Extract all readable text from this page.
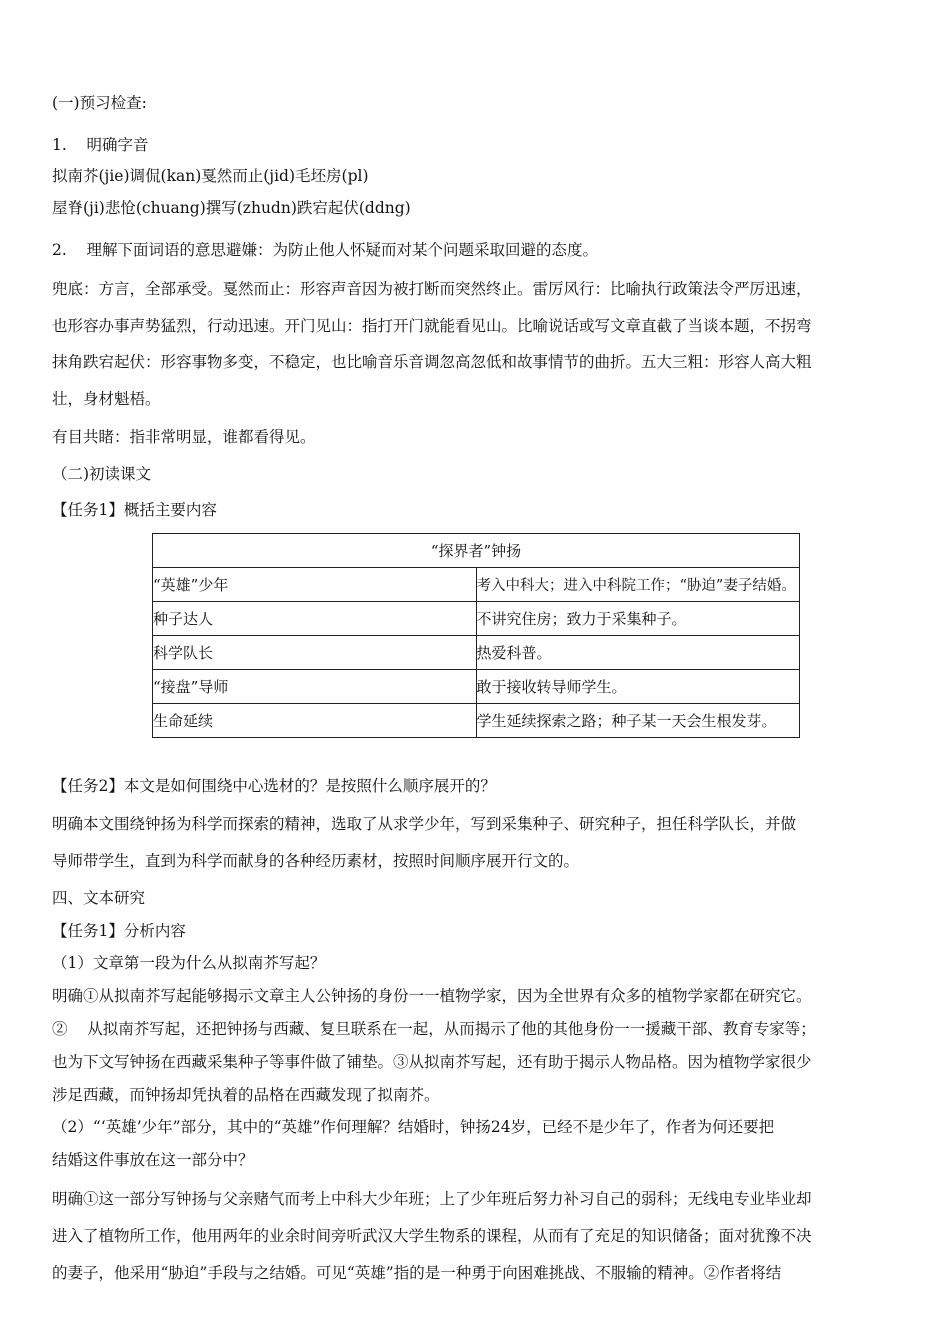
(一)预习检查:
1.    明确字音
拟南芥(jie)调侃(kan)戛然而止(jid)毛坯房(pl)
屋脊(ji)悲怆(chuang)撰写(zhudn)跌宕起伏(ddng)
2.    理解下面词语的意思避嫌：为防止他人怀疑而对某个问题采取回避的态度。
兜底：方言，全部承受。戛然而止：形容声音因为被打断而突然终止。雷厉风行：比喻执行政策法令严厉迅速，
也形容办事声势猛烈，行动迅速。开门见山：指打开门就能看见山。比喻说话或写文章直截了当谈本题，不拐弯
抹角跌宕起伏：形容事物多变，不稳定，也比喻音乐音调忽高忽低和故事情节的曲折。五大三粗：形容人高大粗
壮，身材魁梧。
有目共睹：指非常明显，谁都看得见。
（二)初读课文
【任务1】概括主要内容
“探界者”钟扬	
“英雄”少年	考入中科大；进入中科院工作；“胁迫”妻子结婚。
种子达人	不讲究住房；致力于采集种子。
科学队长	热爱科普。
“接盘”导师	敢于接收转导师学生。
生命延续	学生延续探索之路；种子某一天会生根发芽。
【任务2】本文是如何围绕中心选材的？是按照什么顺序展开的？
明确本文围绕钟扬为科学而探索的精神，选取了从求学少年，写到采集种子、研究种子，担任科学队长，并做
导师带学生，直到为科学而献身的各种经历素材，按照时间顺序展开行文的。
四、文本研究
【任务1】分析内容
（1）文章第一段为什么从拟南芥写起？
明确①从拟南芥写起能够揭示文章主人公钟扬的身份一一植物学家，因为全世界有众多的植物学家都在研究它。
②    从拟南芥写起，还把钟扬与西藏、复旦联系在一起，从而揭示了他的其他身份一一援藏干部、教育专家等；
也为下文写钟扬在西藏采集种子等事件做了铺垫。③从拟南芥写起，还有助于揭示人物品格。因为植物学家很少
涉足西藏，而钟扬却凭执着的品格在西藏发现了拟南芥。
（2）“‘英雄’少年”部分，其中的“英雄”作何理解？结婚时，钟扬24岁，已经不是少年了，作者为何还要把
结婚这件事放在这一部分中？
明确①这一部分写钟扬与父亲赌气而考上中科大少年班；上了少年班后努力补习自己的弱科；无线电专业毕业却
进入了植物所工作，他用两年的业余时间旁听武汉大学生物系的课程，从而有了充足的知识储备；面对犹豫不决
的妻子，他采用“胁迫”手段与之结婚。可见“英雄”指的是一种勇于向困难挑战、不服输的精神。②作者将结
